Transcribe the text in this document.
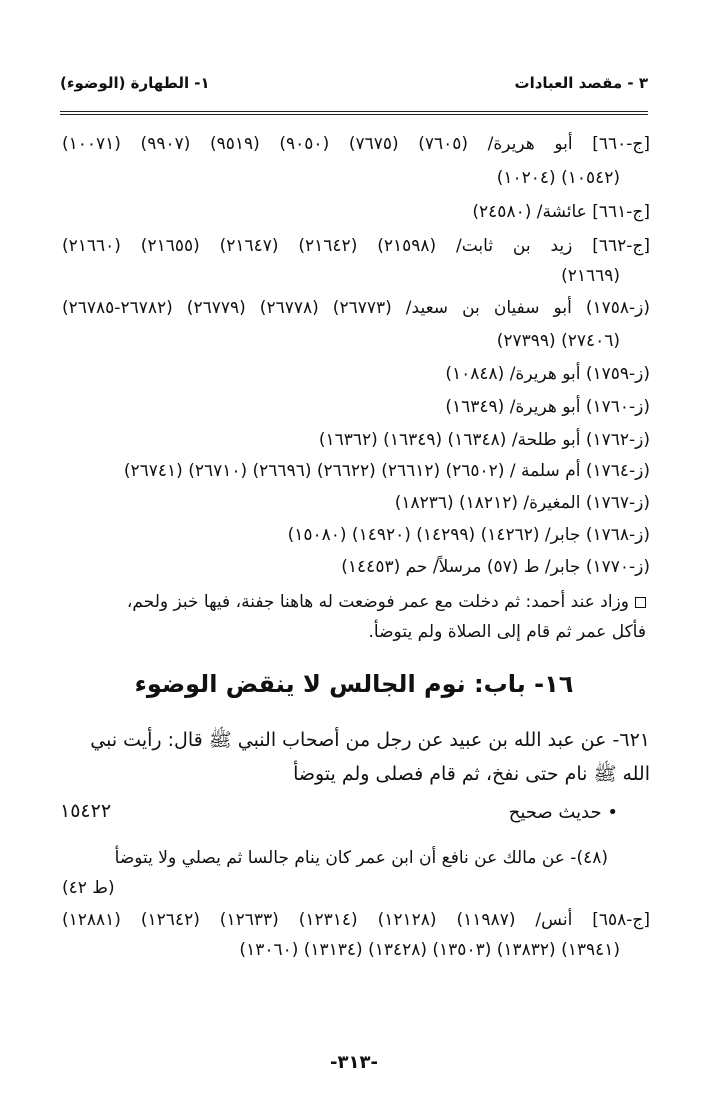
٣ - مقصد العبادات
١- الطهارة (الوضوء)
[ج-٦٦٠] أبو هريرة/ (٧٦٠٥) (٧٦٧٥) (٩٠٥٠) (٩٥١٩) (٩٩٠٧) (١٠٠٧١)
(١٠٢٠٤) (١٠٥٤٢)
[ج-٦٦١] عائشة/ (٢٤٥٨٠)
[ج-٦٦٢] زيد بن ثابت/ (٢١٥٩٨) (٢١٦٤٢) (٢١٦٤٧) (٢١٦٥٥) (٢١٦٦٠)
(٢١٦٦٩)
(ز-١٧٥٨) أبو سفيان بن سعيد/ (٢٦٧٧٣) (٢٦٧٧٨) (٢٦٧٧٩) (٢٦٧٨٢-٢٦٧٨٥)
(٢٧٣٩٩) (٢٧٤٠٦)
(ز-١٧٥٩) أبو هريرة/ (١٠٨٤٨)
(ز-١٧٦٠) أبو هريرة/ (١٦٣٤٩)
(ز-١٧٦٢) أبو طلحة/ (١٦٣٤٨) (١٦٣٤٩) (١٦٣٦٢)
(ز-١٧٦٤) أم سلمة / (٢٦٥٠٢) (٢٦٦١٢) (٢٦٦٢٢) (٢٦٦٩٦) (٢٦٧١٠) (٢٦٧٤١)
(ز-١٧٦٧) المغيرة/ (١٨٢١٢) (١٨٢٣٦)
(ز-١٧٦٨) جابر/ (١٤٢٦٢) (١٤٢٩٩) (١٤٩٢٠) (١٥٠٨٠)
(ز-١٧٧٠) جابر/ ط (٥٧) مرسلاً/ حم (١٤٤٥٣)
وزاد عند أحمد: ثم دخلت مع عمر فوضعت له هاهنا جفنة، فيها خبز ولحم،
فأكل عمر ثم قام إلى الصلاة ولم يتوضأ.
١٦- باب: نوم الجالس لا ينقض الوضوء
٦٢١- عن عبد الله بن عبيد عن رجل من أصحاب النبي ﷺ قال: رأيت نبي
الله ﷺ نام حتى نفخ، ثم قام فصلى ولم يتوضأ
• حديث صحيح
١٥٤٢٢
(٤٨)- عن مالك عن نافع أن ابن عمر كان ينام جالسا ثم يصلي ولا يتوضأ
(ط ٤٢)
[ج-٦٥٨] أنس/ (١١٩٨٧) (١٢١٢٨) (١٢٣١٤) (١٢٦٣٣) (١٢٦٤٢) (١٢٨٨١)
(١٣٠٦٠) (١٣١٣٤) (١٣٤٢٨) (١٣٥٠٣) (١٣٨٣٢) (١٣٩٤١)
-٣١٣-
